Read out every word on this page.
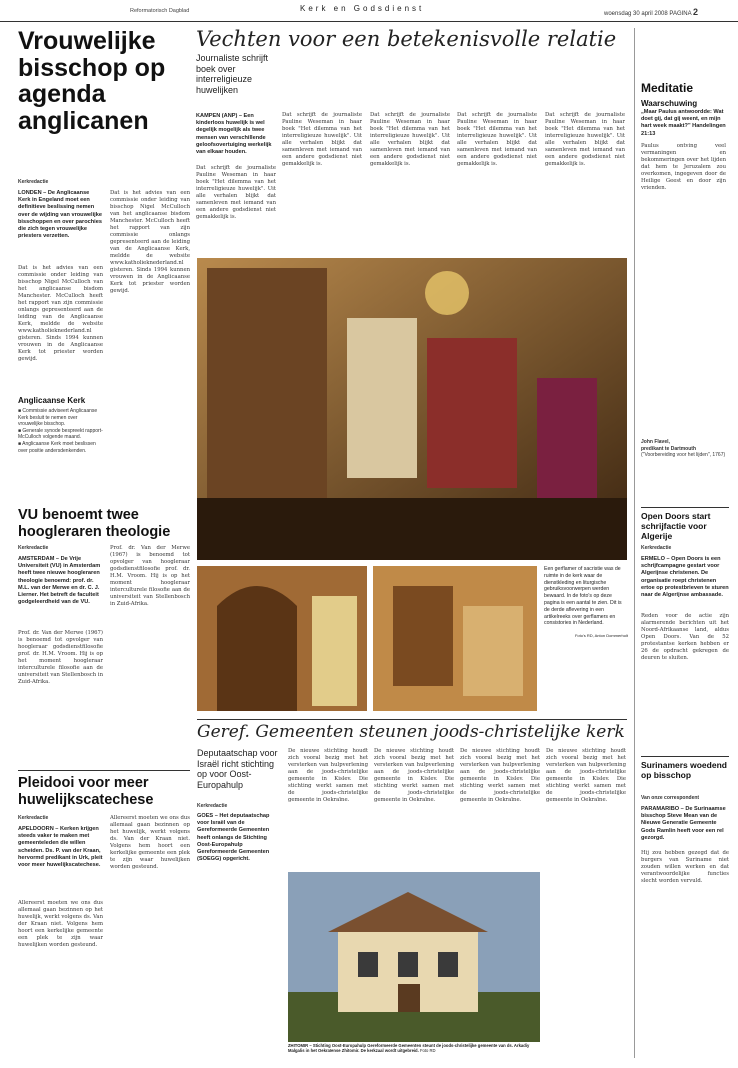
Reformatorisch Dagblad	Kerk en Godsdienst
woensdag 30 april 2008 PAGINA 2
Vrouwelijke bisschop op agenda anglicanen
Kerkredactie
LONDEN – De Anglicaanse Kerk in Engeland moet een definitieve beslissing nemen over de wijding van vrouwelijke bisschoppen en over parochies die zich tegen vrouwelijke priesters verzetten.
Dat is het advies van een commissie onder leiding van bisschop Nigel McCulloch van het anglicaanse bisdom Manchester. McCulloch heeft het rapport van zijn commissie onlangs gepresenteerd aan de leiding van de Anglicaanse Kerk, meldde de website www.katholieknederland.nl gisteren. Sinds 1994 kunnen vrouwen in de Anglicaanse Kerk tot priester worden gewijd.
Anglicaanse Kerk
■ Commissie adviseert Anglicaanse Kerk besluit te nemen over vrouwelijke bisschop.
■ Generale synode bespreekt rapport-McCulloch volgende maand.
■ Anglicaanse Kerk moet beslissen over positie andersdenkenden.
Dat is het advies van een commissie onder leiding van bisschop Nigel McCulloch van het anglicaanse bisdom Manchester. McCulloch heeft het rapport van zijn commissie onlangs gepresenteerd aan de leiding van de Anglicaanse Kerk, meldde de website www.katholieknederland.nl gisteren. Sinds 1994 kunnen vrouwen in de Anglicaanse Kerk tot priester worden gewijd.
Vechten voor een betekenisvolle relatie
Journaliste schrijft boek over interreligieuze huwelijken
KAMPEN (ANP) – Een kinderloos huwelijk is wel degelijk mogelijk als twee mensen van verschillende geloofsovertuiging werkelijk van elkaar houden.
Dat schrijft de journaliste Pauline Weseman in haar boek "Het dilemma van het interreligieuze huwelijk". Uit alle verhalen blijkt dat samenleven met iemand van een andere godsdienst niet gemakkelijk is.
Dat schrijft de journaliste Pauline Weseman in haar boek "Het dilemma van het interreligieuze huwelijk". Uit alle verhalen blijkt dat samenleven met iemand van een andere godsdienst niet gemakkelijk is.
Dat schrijft de journaliste Pauline Weseman in haar boek "Het dilemma van het interreligieuze huwelijk". Uit alle verhalen blijkt dat samenleven met iemand van een andere godsdienst niet gemakkelijk is.
Dat schrijft de journaliste Pauline Weseman in haar boek "Het dilemma van het interreligieuze huwelijk". Uit alle verhalen blijkt dat samenleven met iemand van een andere godsdienst niet gemakkelijk is.
Dat schrijft de journaliste Pauline Weseman in haar boek "Het dilemma van het interreligieuze huwelijk". Uit alle verhalen blijkt dat samenleven met iemand van een andere godsdienst niet gemakkelijk is.
Een gerflamer of sacristie was de ruimte in de kerk waar de dienstkleding en liturgische gebruiksvoorwerpen werden bewaard. In de foto's op deze pagina is een aantal te zien. Dit is de derde aflevering in een artikelreeks over gerflamers en consistories in Nederland.
Foto's RD, Anton Dommerholt
VU benoemt twee hoogleraren theologie
Kerkredactie
AMSTERDAM – De Vrije Universiteit (VU) in Amsterdam heeft twee nieuwe hoogleraren theologie benoemd: prof. dr. M.L. van der Merwe en dr. C. J. Lierner. Het betreft de faculteit godgeleerdheid van de VU.
Prof. dr. Van der Merwe (1967) is benoemd tot opvolger van hoogleraar godsdienstfilosofie prof. dr. H.M. Vroom. Hij is op het moment hoogleraar interculturele filosofie aan de universiteit van Stellenbosch in Zuid-Afrika.
Prof. dr. Van der Merwe (1967) is benoemd tot opvolger van hoogleraar godsdienstfilosofie prof. dr. H.M. Vroom. Hij is op het moment hoogleraar interculturele filosofie aan de universiteit van Stellenbosch in Zuid-Afrika.
Pleidooi voor meer huwelijkscatechese
Kerkredactie
APELDOORN – Kerken krijgen steeds vaker te maken met gemeenteleden die willen scheiden. Ds. P. van der Kraan, hervormd predikant in Urk, pleit voor meer huwelijkscatechese.
Allereerst moeten we ons dus allemaal gaan bezinnen op het huwelijk, werkt volgens ds. Van der Kraan niet. Volgens hem hoort een kerkelijke gemeente een plek te zijn waar huwelijken worden gesteund.
Allereerst moeten we ons dus allemaal gaan bezinnen op het huwelijk, werkt volgens ds. Van der Kraan niet. Volgens hem hoort een kerkelijke gemeente een plek te zijn waar huwelijken worden gesteund.
Geref. Gemeenten steunen joods-christelijke kerk
Deputaatschap voor Israël richt stichting op voor Oost-Europahulp
Kerkredactie
GOES – Het deputaatschap voor Israël van de Gereformeerde Gemeenten heeft onlangs de Stichting Oost-Europahulp Gereformeerde Gemeenten (SOEGG) opgericht.
De nieuwe stichting houdt zich vooral bezig met het versterken van hulpverlening aan de joods-christelijke gemeente in Kislev. Die stichting werkt samen met de joods-christelijke gemeente in Oekraïne.
De nieuwe stichting houdt zich vooral bezig met het versterken van hulpverlening aan de joods-christelijke gemeente in Kislev. Die stichting werkt samen met de joods-christelijke gemeente in Oekraïne.
De nieuwe stichting houdt zich vooral bezig met het versterken van hulpverlening aan de joods-christelijke gemeente in Kislev. Die stichting werkt samen met de joods-christelijke gemeente in Oekraïne.
De nieuwe stichting houdt zich vooral bezig met het versterken van hulpverlening aan de joods-christelijke gemeente in Kislev. Die stichting werkt samen met de joods-christelijke gemeente in Oekraïne.
ZHITOMIR – Stichting Oost-Europahulp Gereformeerde Gemeenten steunt de joods-christelijke gemeente van ds. Arkadiy Malgalis in het Oekraïense Zhitomir. De kerkzaal wordt uitgebreid. Foto RD
Meditatie
Waarschuwing
„Maar Paulus antwoordde: Wat doet gij, dat gij weent, en mijn hart week maakt?" Handelingen 21:13
Paulus ontving veel vermaningen en bekommeringen over het lijden dat hem te Jeruzalem zou overkomen, ingegeven door de Heilige Geest en door zijn vrienden.
John Flavel,
predikant te Dartmouth
("Voorbereiding voor het lijden", 1767)
Open Doors start schrijfactie voor Algerije
Kerkredactie
ERMELO – Open Doors is een schrijfcampagne gestart voor Algerijnse christenen. De organisatie roept christenen ertoe op protestbrieven te sturen naar de Algerijnse ambassade.
Reden voor de actie zijn alarmerende berichten uit het Noord-Afrikaanse land, aldus Open Doors. Van de 52 protestantse kerken hebben er 26 de opdracht gekregen de deuren te sluiten.
Surinamers woedend op bisschop
Van onze correspondent
PARAMARIBO – De Surinaamse bisschop Steve Mean van de Nieuwe Generatie Gemeente Gods Ramlin heeft voor een rel gezorgd.
Hij zou hebben gezegd dat de burgers van Suriname niet zouden willen werken en dat verantwoordelijke functies slecht worden vervuld.
